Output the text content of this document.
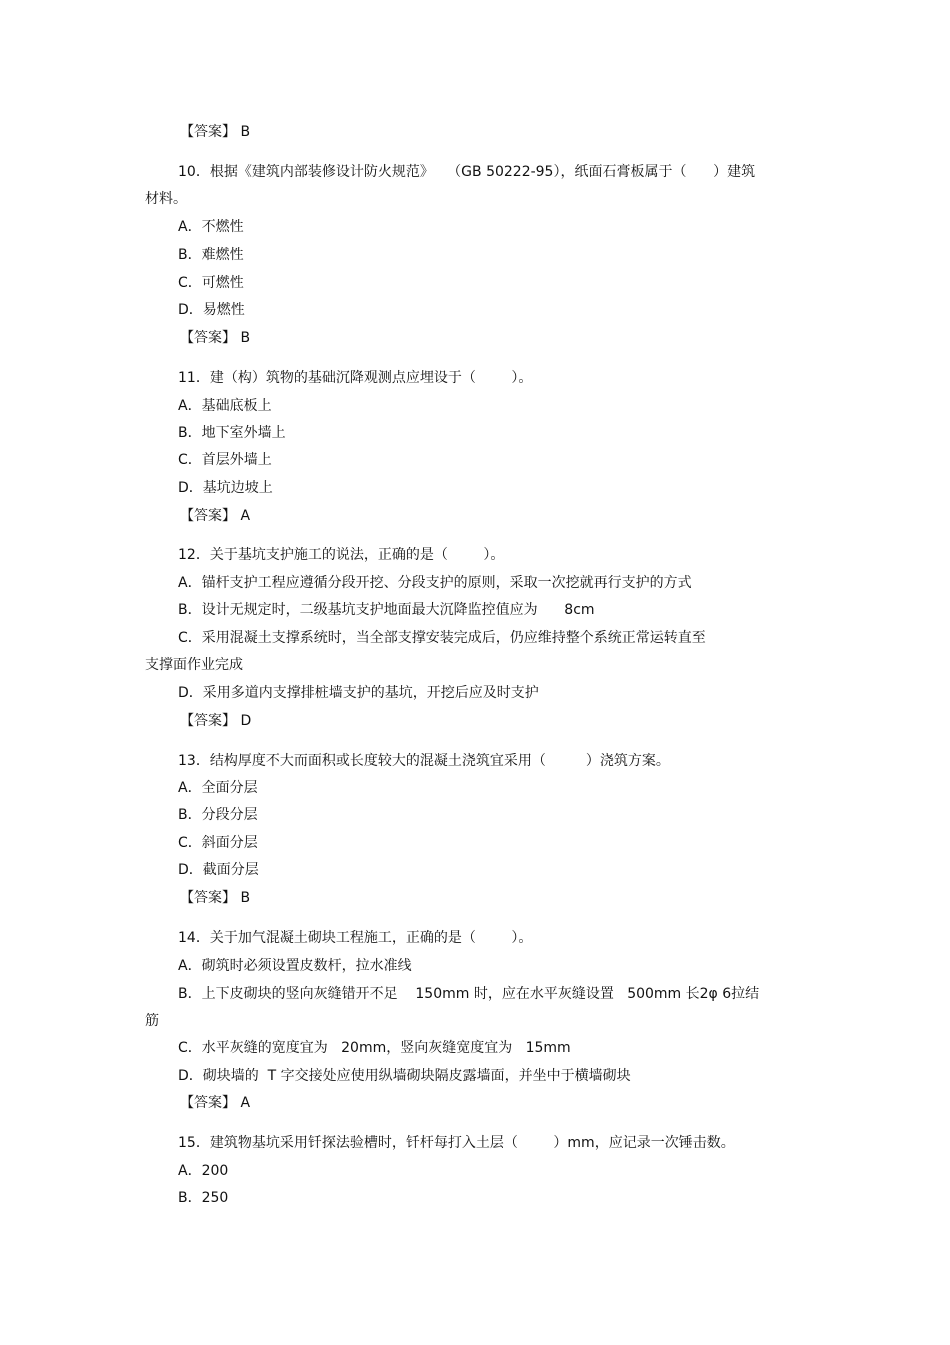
【答案】 B
10．根据《建筑内部装修设计防火规范》   （GB 50222-95），纸面石膏板属于（      ）建筑
材料。
A．不燃性
B．难燃性
C．可燃性
D．易燃性
【答案】 B
11．建（构）筑物的基础沉降观测点应埋设于（        ）。
A．基础底板上
B．地下室外墙上
C．首层外墙上
D．基坑边坡上
【答案】 A
12．关于基坑支护施工的说法，正确的是（        ）。
A．锚杆支护工程应遵循分段开挖、分段支护的原则，采取一次挖就再行支护的方式
B．设计无规定时，二级基坑支护地面最大沉降监控值应为      8cm
C．采用混凝土支撑系统时，当全部支撑安装完成后，仍应维持整个系统正常运转直至
支撑面作业完成
D．采用多道内支撑排桩墙支护的基坑，开挖后应及时支护
【答案】 D
13．结构厚度不大而面积或长度较大的混凝土浇筑宜采用（         ）浇筑方案。
A．全面分层
B．分段分层
C．斜面分层
D．截面分层
【答案】 B
14．关于加气混凝土砌块工程施工，正确的是（        ）。
A．砌筑时必须设置皮数杆，拉水准线
B．上下皮砌块的竖向灰缝错开不足    150mm 时，应在水平灰缝设置   500mm 长2φ 6拉结
筋
C．水平灰缝的宽度宜为   20mm，竖向灰缝宽度宜为   15mm
D．砌块墙的  T 字交接处应使用纵墙砌块隔皮露墙面，并坐中于横墙砌块
【答案】 A
15．建筑物基坑采用钎探法验槽时，钎杆每打入土层（        ）mm，应记录一次锤击数。
A．200
B．250
